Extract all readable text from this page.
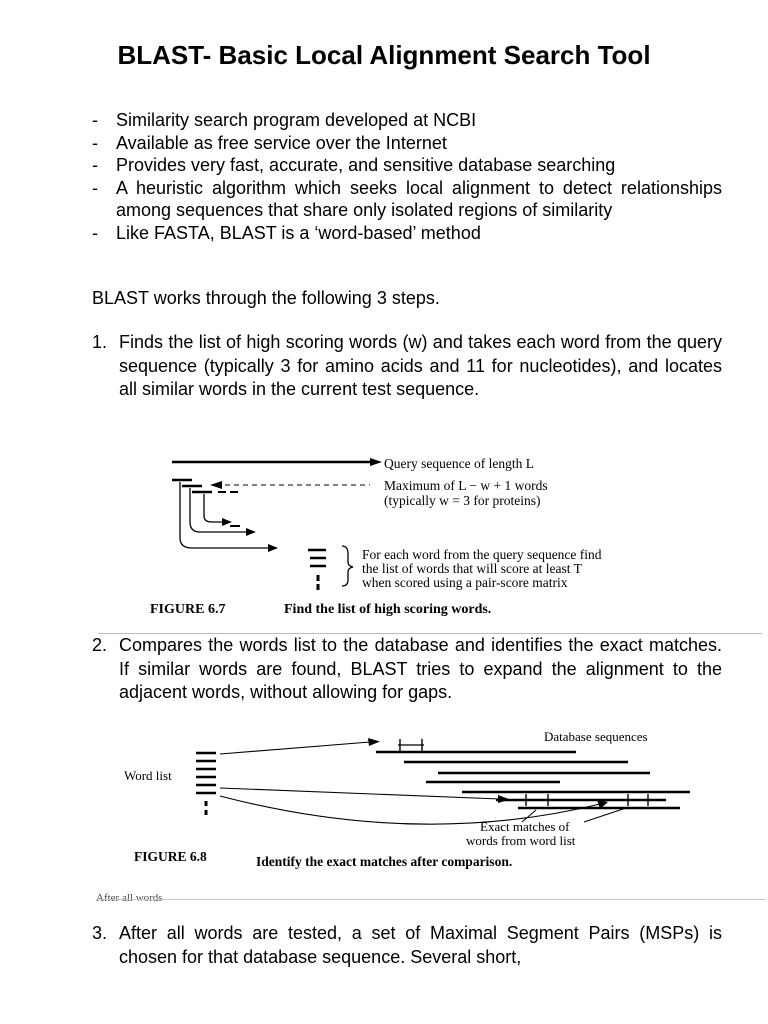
BLAST- Basic Local Alignment Search Tool
-	Similarity search program developed at NCBI
-	Available as free service over the Internet
-	Provides very fast, accurate, and sensitive database searching
-	A heuristic algorithm which seeks local alignment to detect relationships among sequences that share only isolated regions of similarity
-	Like FASTA, BLAST is a ‘word-based’ method

BLAST works through the following 3 steps.

1. Finds the list of high scoring words (w) and takes each word from the query sequence (typically 3 for amino acids and 11 for nucleotides), and locates all similar words in the current test sequence.
Query sequence of length L
Maximum of L − w + 1 words
(typically w = 3 for proteins)
For each word from the query sequence find
the list of words that will score at least T
when scored using a pair-score matrix
FIGURE 6.7	Find the list of high scoring words.
2. Compares the words list to the database and identifies the exact matches. If similar words are found, BLAST tries to expand the alignment to the adjacent words, without allowing for gaps.
Database sequences
Word list
Exact matches of
words from word list
FIGURE 6.8	Identify the exact matches after comparison.
After all words
3. After all words are tested, a set of Maximal Segment Pairs (MSPs) is chosen for that database sequence. Several short,
